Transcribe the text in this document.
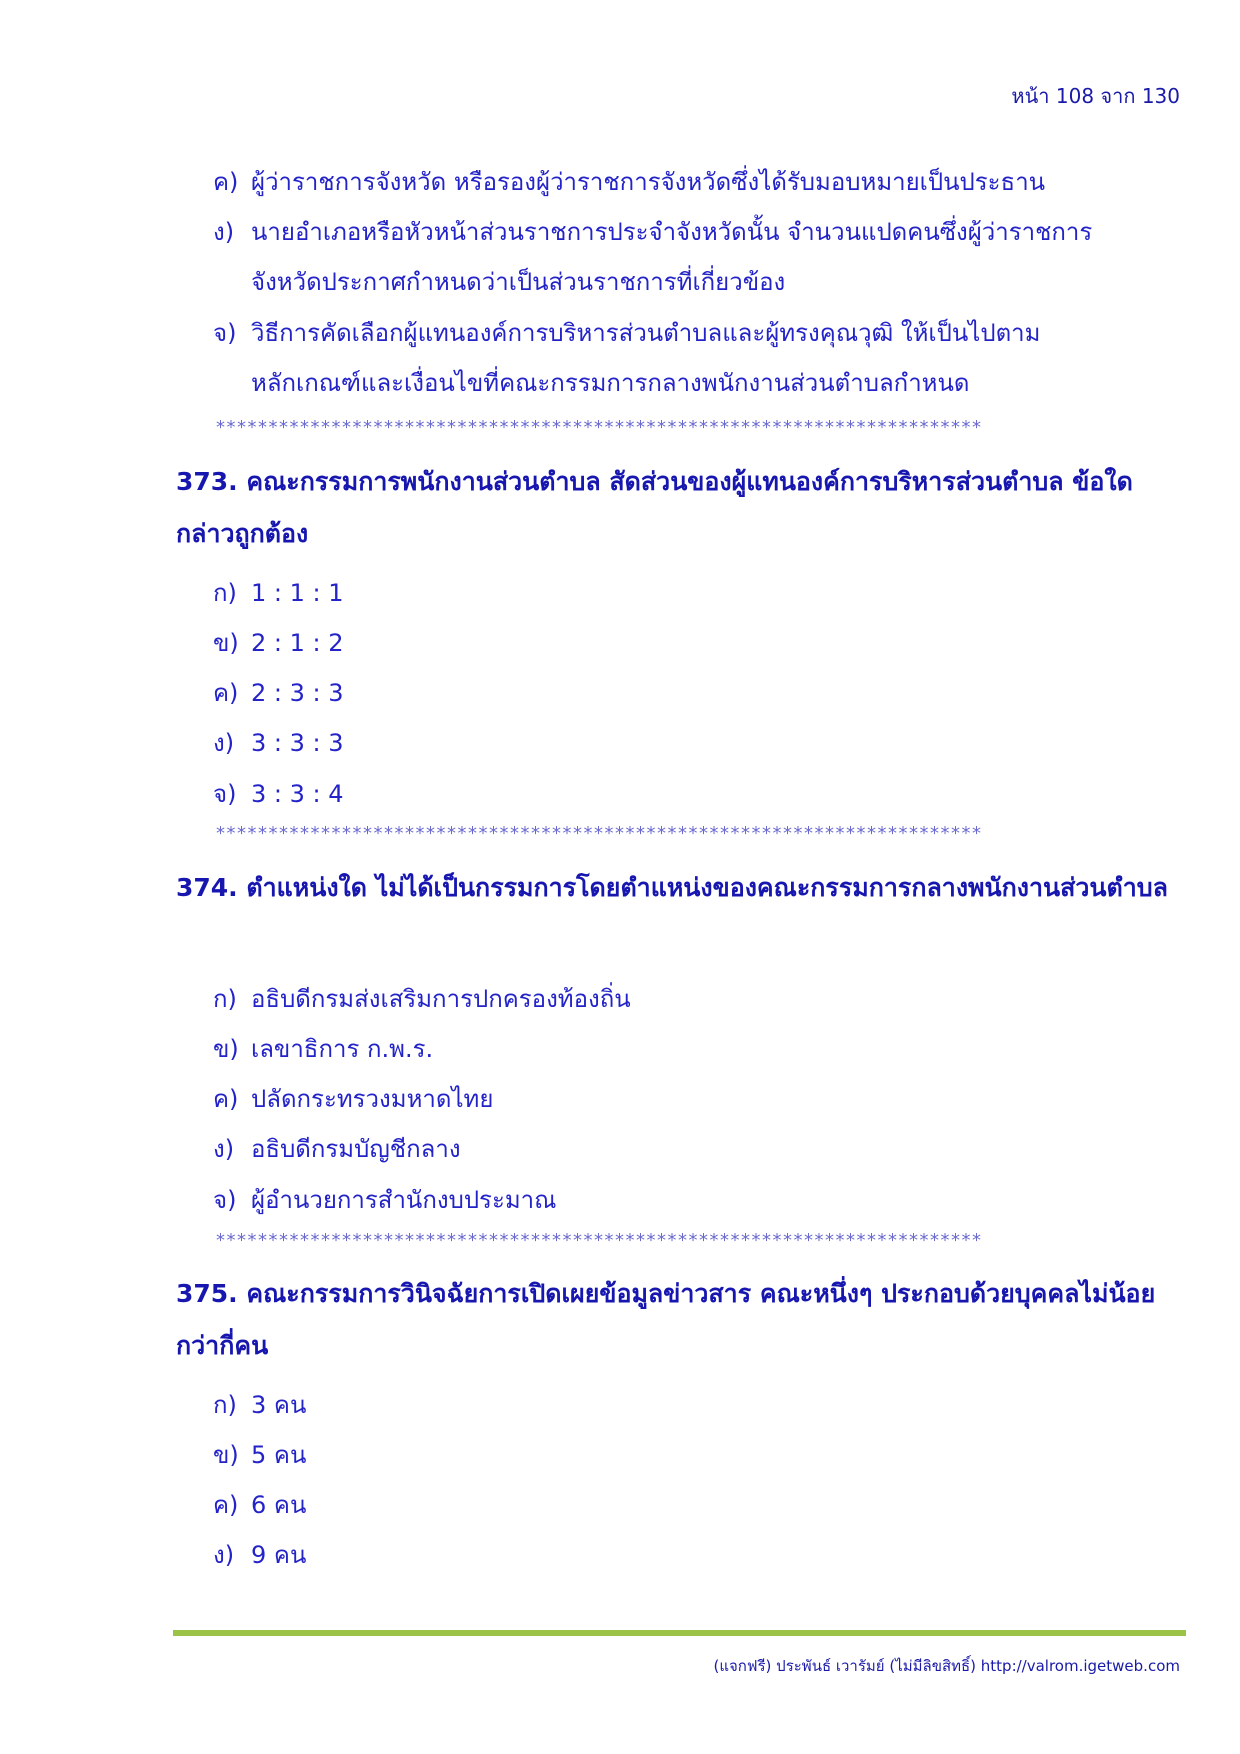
หน้า 108 จาก 130
ค) ผู้ว่าราชการจังหวัด หรือรองผู้ว่าราชการจังหวัดซึ่งได้รับมอบหมายเป็นประธาน
ง) นายอำเภอหรือหัวหน้าส่วนราชการประจำจังหวัดนั้น จำนวนแปดคนซึ่งผู้ว่าราชการ
จังหวัดประกาศกำหนดว่าเป็นส่วนราชการที่เกี่ยวข้อง
จ) วิธีการคัดเลือกผู้แทนองค์การบริหารส่วนตำบลและผู้ทรงคุณวุฒิ ให้เป็นไปตาม
หลักเกณฑ์และเงื่อนไขที่คณะกรรมการกลางพนักงานส่วนตำบลกำหนด
*************************************************************************
373. คณะกรรมการพนักงานส่วนตำบล สัดส่วนของผู้แทนองค์การบริหารส่วนตำบล ข้อใดกล่าวถูกต้อง
ก) 1 : 1 : 1
ข) 2 : 1 : 2
ค) 2 : 3 : 3
ง) 3 : 3 : 3
จ) 3 : 3 : 4
*************************************************************************
374. ตำแหน่งใด ไม่ได้เป็นกรรมการโดยตำแหน่งของคณะกรรมการกลางพนักงานส่วนตำบล
ก) อธิบดีกรมส่งเสริมการปกครองท้องถิ่น
ข) เลขาธิการ ก.พ.ร.
ค) ปลัดกระทรวงมหาดไทย
ง) อธิบดีกรมบัญชีกลาง
จ) ผู้อำนวยการสำนักงบประมาณ
*************************************************************************
375. คณะกรรมการวินิจฉัยการเปิดเผยข้อมูลข่าวสาร คณะหนึ่งๆ ประกอบด้วยบุคคลไม่น้อยกว่ากี่คน
ก) 3 คน
ข) 5 คน
ค) 6 คน
ง) 9 คน
(แจกฟรี) ประพันธ์ เวารัมย์ (ไม่มีลิขสิทธิ์) http://valrom.igetweb.com
